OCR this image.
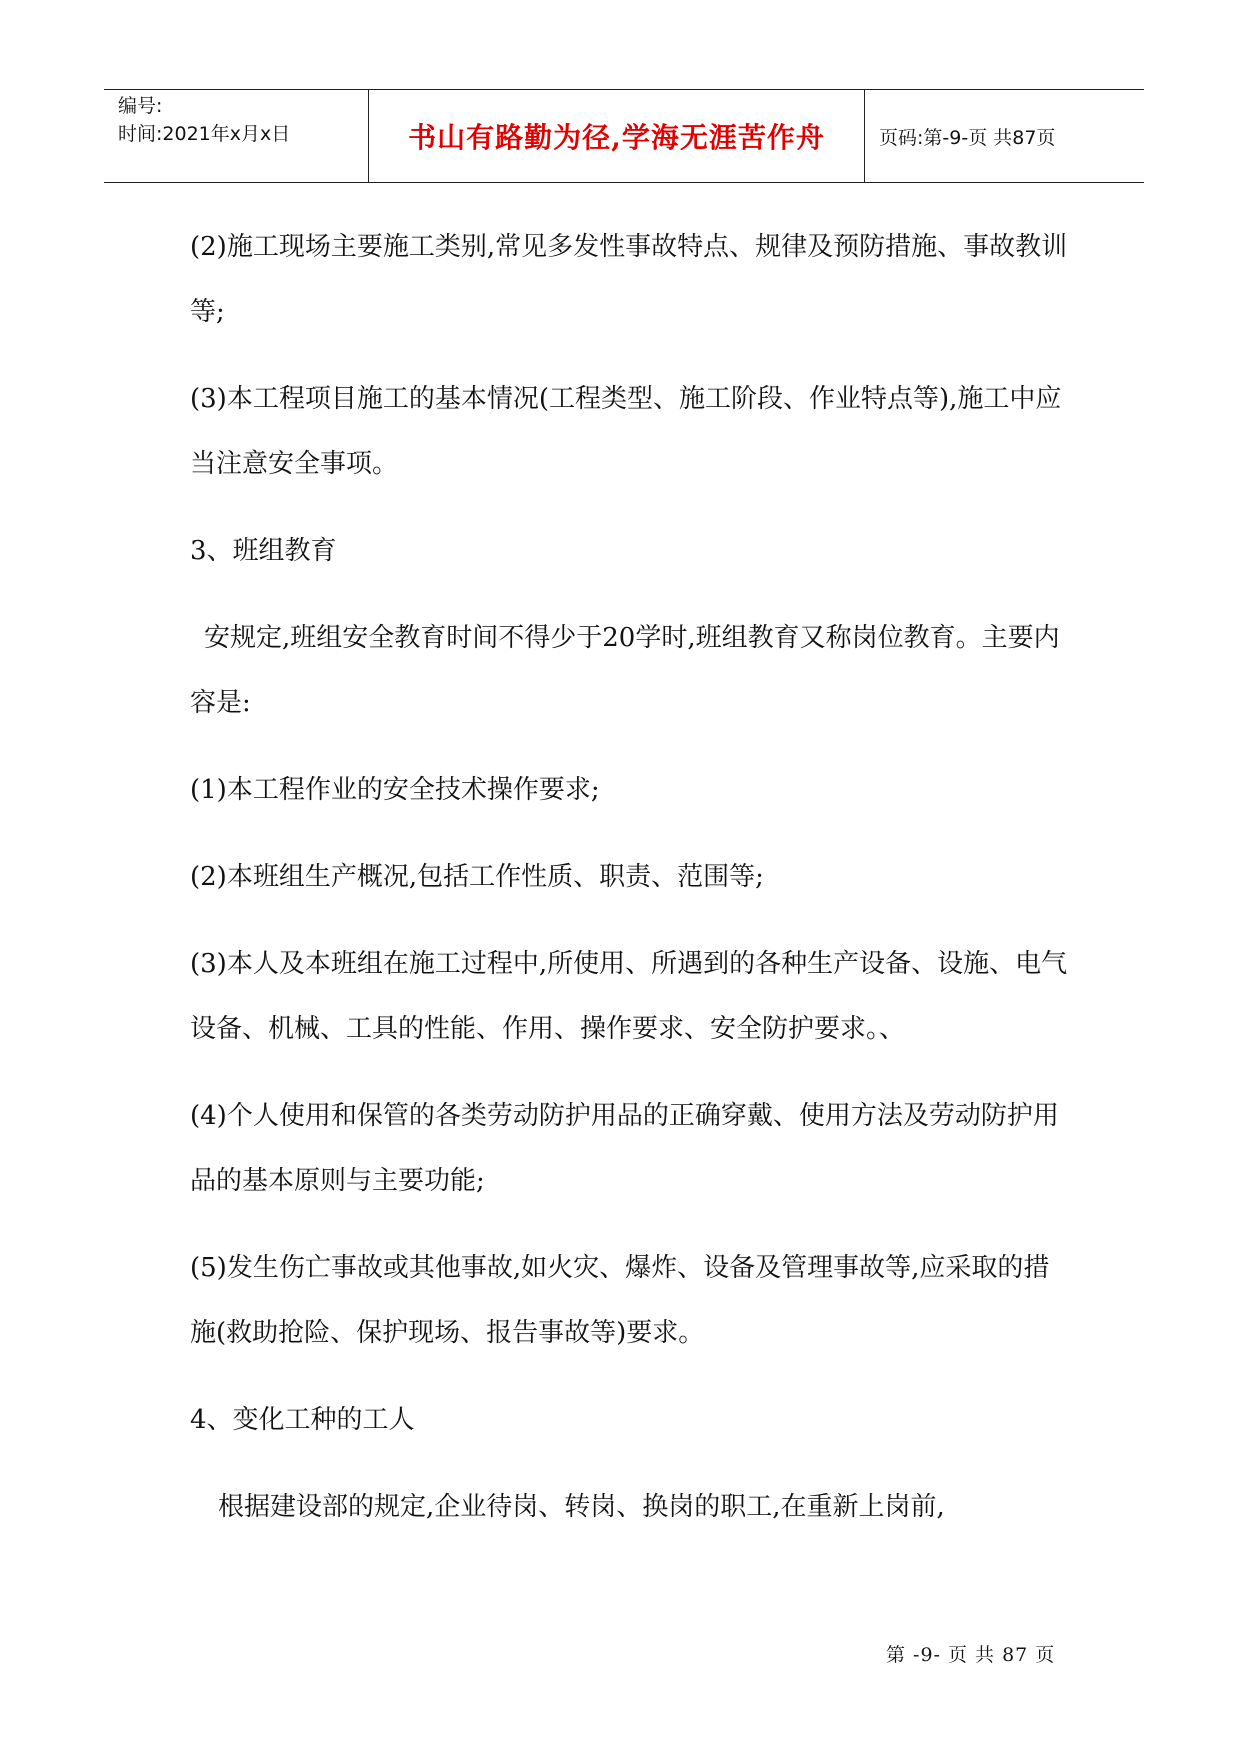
编号:
时间:2021年x月x日	书山有路勤为径,学海无涯苦作舟	页码:第-9-页 共87页

(2)施工现场主要施工类别,常见多发性事故特点、规律及预防措施、事故教训等;

(3)本工程项目施工的基本情况(工程类型、施工阶段、作业特点等),施工中应当注意安全事项。

3、班组教育

安规定,班组安全教育时间不得少于20学时,班组教育又称岗位教育。主要内容是:

(1)本工程作业的安全技术操作要求;

(2)本班组生产概况,包括工作性质、职责、范围等;

(3)本人及本班组在施工过程中,所使用、所遇到的各种生产设备、设施、电气设备、机械、工具的性能、作用、操作要求、安全防护要求。、

(4)个人使用和保管的各类劳动防护用品的正确穿戴、使用方法及劳动防护用品的基本原则与主要功能;

(5)发生伤亡事故或其他事故,如火灾、爆炸、设备及管理事故等,应采取的措施(救助抢险、保护现场、报告事故等)要求。

4、变化工种的工人

根据建设部的规定,企业待岗、转岗、换岗的职工,在重新上岗前,

第 -9- 页 共 87 页
